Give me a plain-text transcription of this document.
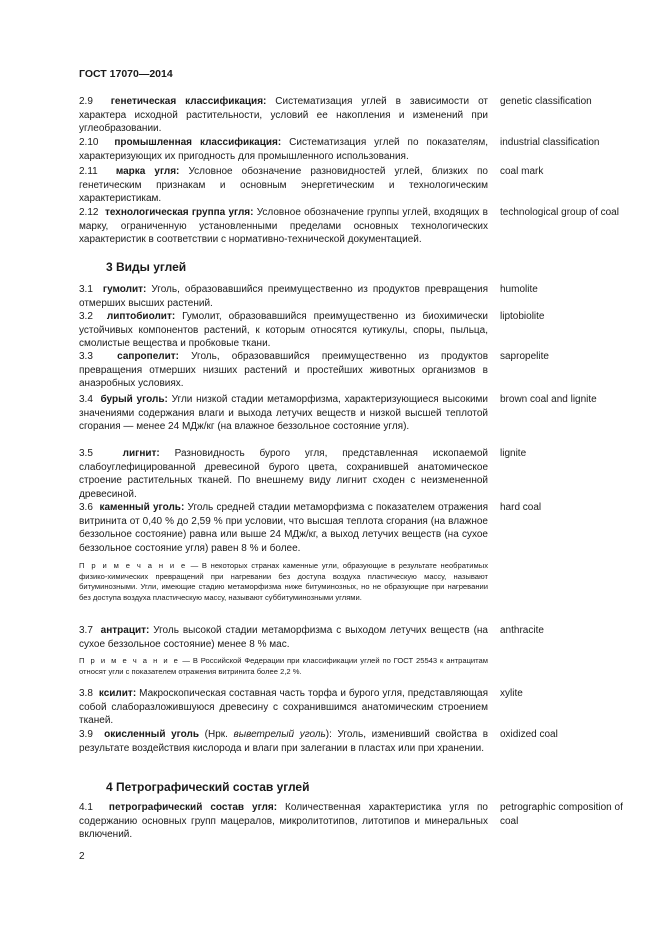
ГОСТ 17070—2014
2.9 генетическая классификация: Систематизация углей в зависимости от характера исходной растительности, условий ее накопления и изменений при углеобразовании.
genetic classification
2.10 промышленная классификация: Систематизация углей по показателям, характеризующих их пригодность для промышленного использования.
industrial classification
2.11 марка угля: Условное обозначение разновидностей углей, близких по генетическим признакам и основным энергетическим и технологическим характеристикам.
coal mark
2.12 технологическая группа угля: Условное обозначение группы углей, входящих в марку, ограниченную установленными пределами основных технологических характеристик в соответствии с нормативно-технической документацией.
technological group of coal
3 Виды углей
3.1 гумолит: Уголь, образовавшийся преимущественно из продуктов превращения отмерших высших растений.
humolite
3.2 липтобиолит: Гумолит, образовавшийся преимущественно из биохимически устойчивых компонентов растений, к которым относятся кутикулы, споры, пыльца, смолистые вещества и пробковые ткани.
liptobiolite
3.3 сапропелит: Уголь, образовавшийся преимущественно из продуктов превращения отмерших низших растений и простейших животных организмов в анаэробных условиях.
sapropelite
3.4 бурый уголь: Угли низкой стадии метаморфизма, характеризующиеся высокими значениями содержания влаги и выхода летучих веществ и низкой высшей теплотой сгорания — менее 24 МДж/кг (на влажное беззольное состояние угля).
brown coal and lignite
3.5	лигнит: Разновидность бурого угля, представленная ископаемой слабоуглефицированной древесиной бурого цвета, сохранившей анатомическое строение растительных тканей. По внешнему виду лигнит сходен с неизмененной древесиной.
lignite
3.6 каменный уголь: Уголь средней стадии метаморфизма с показателем отражения витринита от 0,40 % до 2,59 % при условии, что высшая теплота сгорания (на влажное беззольное состояние) равна или выше 24 МДж/кг, а выход летучих веществ (на сухое беззольное состояние угля) равен 8 % и более.
hard coal
П р и м е ч а н и е — В некоторых странах каменные угли, образующие в результате необратимых физико-химических превращений при нагревании без доступа воздуха пластическую массу, называют битуминозными. Угли, имеющие стадию метаморфизма ниже битуминозных, но не образующие при нагревании без доступа воздуха пластическую массу, называют суббитуминозными углями.
3.7 антрацит: Уголь высокой стадии метаморфизма с выходом летучих веществ (на сухое беззольное состояние) менее 8 % мас.
anthracite
П р и м е ч а н и е — В Российской Федерации при классификации углей по ГОСТ 25543 к антрацитам относят угли с показателем отражения витринита более 2,2 %.
3.8 ксилит: Макроскопическая составная часть торфа и бурого угля, представляющая собой слаборазложившуюся древесину с сохранившимся анатомическим строением тканей.
xylite
3.9 окисленный уголь (Нрк. выветрелый уголь): Уголь, изменивший свойства в результате воздействия кислорода и влаги при залегании в пластах или при хранении.
oxidized coal
4 Петрографический состав углей
4.1 петрографический состав угля: Количественная характеристика угля по содержанию основных групп мацералов, микролитотипов, литотипов и минеральных включений.
petrographic composition of coal
2
